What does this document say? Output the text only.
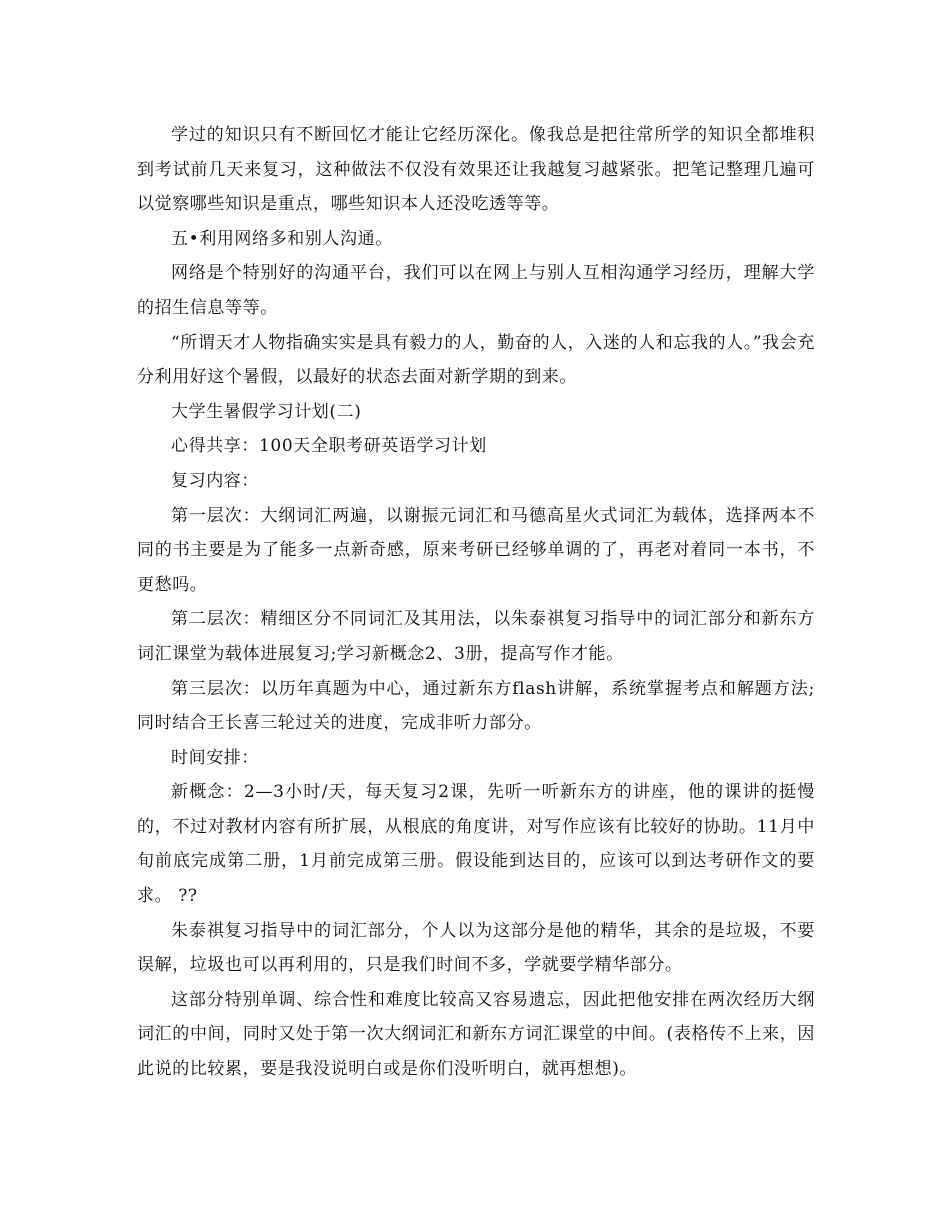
学过的知识只有不断回忆才能让它经历深化。像我总是把往常所学的知识全都堆积到考试前几天来复习，这种做法不仅没有效果还让我越复习越紧张。把笔记整理几遍可以觉察哪些知识是重点，哪些知识本人还没吃透等等。

五•利用网络多和别人沟通。

网络是个特别好的沟通平台，我们可以在网上与别人互相沟通学习经历，理解大学的招生信息等等。

“所谓天才人物指确实实是具有毅力的人，勤奋的人，入迷的人和忘我的人。”我会充分利用好这个暑假，以最好的状态去面对新学期的到来。

大学生暑假学习计划(二)

心得共享：100天全职考研英语学习计划

复习内容：

第一层次：大纲词汇两遍，以谢振元词汇和马德高星火式词汇为载体，选择两本不同的书主要是为了能多一点新奇感，原来考研已经够单调的了，再老对着同一本书，不更愁吗。

第二层次：精细区分不同词汇及其用法，以朱泰祺复习指导中的词汇部分和新东方词汇课堂为载体进展复习;学习新概念2、3册，提高写作才能。

第三层次：以历年真题为中心，通过新东方flash讲解，系统掌握考点和解题方法;同时结合王长喜三轮过关的进度，完成非听力部分。

时间安排：

新概念：2—3小时/天，每天复习2课，先听一听新东方的讲座，他的课讲的挺慢的，不过对教材内容有所扩展，从根底的角度讲，对写作应该有比较好的协助。11月中旬前底完成第二册，1月前完成第三册。假设能到达目的，应该可以到达考研作文的要求。 ??

朱泰祺复习指导中的词汇部分，个人以为这部分是他的精华，其余的是垃圾，不要误解，垃圾也可以再利用的，只是我们时间不多，学就要学精华部分。

这部分特别单调、综合性和难度比较高又容易遗忘，因此把他安排在两次经历大纲词汇的中间，同时又处于第一次大纲词汇和新东方词汇课堂的中间。(表格传不上来，因此说的比较累，要是我没说明白或是你们没听明白，就再想想)。
